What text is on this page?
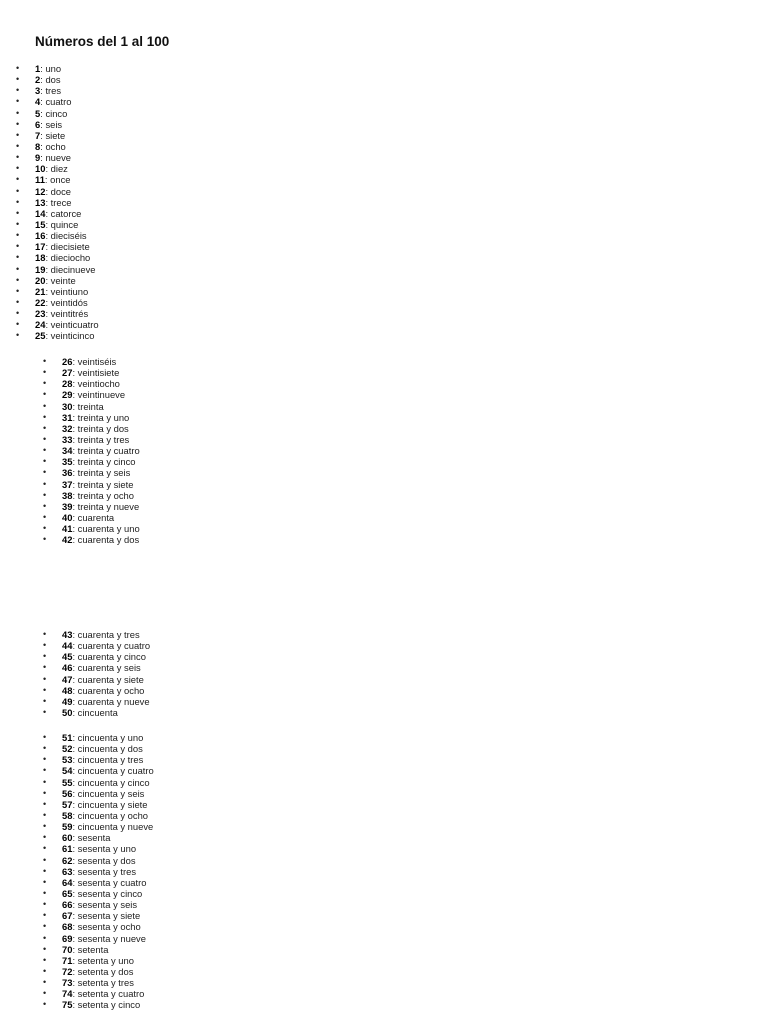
Números del 1 al 100
• 1: uno
• 2: dos
• 3: tres
• 4: cuatro
• 5: cinco
• 6: seis
• 7: siete
• 8: ocho
• 9: nueve
• 10: diez
• 11: once
• 12: doce
• 13: trece
• 14: catorce
• 15: quince
• 16: dieciséis
• 17: diecisiete
• 18: dieciocho
• 19: diecinueve
• 20: veinte
• 21: veintiuno
• 22: veintidós
• 23: veintitrés
• 24: veinticuatro
• 25: veinticinco
• 26: veintiséis
• 27: veintisiete
• 28: veintiocho
• 29: veintinueve
• 30: treinta
• 31: treinta y uno
• 32: treinta y dos
• 33: treinta y tres
• 34: treinta y cuatro
• 35: treinta y cinco
• 36: treinta y seis
• 37: treinta y siete
• 38: treinta y ocho
• 39: treinta y nueve
• 40: cuarenta
• 41: cuarenta y uno
• 42: cuarenta y dos
• 43: cuarenta y tres
• 44: cuarenta y cuatro
• 45: cuarenta y cinco
• 46: cuarenta y seis
• 47: cuarenta y siete
• 48: cuarenta y ocho
• 49: cuarenta y nueve
• 50: cincuenta
• 51: cincuenta y uno
• 52: cincuenta y dos
• 53: cincuenta y tres
• 54: cincuenta y cuatro
• 55: cincuenta y cinco
• 56: cincuenta y seis
• 57: cincuenta y siete
• 58: cincuenta y ocho
• 59: cincuenta y nueve
• 60: sesenta
• 61: sesenta y uno
• 62: sesenta y dos
• 63: sesenta y tres
• 64: sesenta y cuatro
• 65: sesenta y cinco
• 66: sesenta y seis
• 67: sesenta y siete
• 68: sesenta y ocho
• 69: sesenta y nueve
• 70: setenta
• 71: setenta y uno
• 72: setenta y dos
• 73: setenta y tres
• 74: setenta y cuatro
• 75: setenta y cinco
